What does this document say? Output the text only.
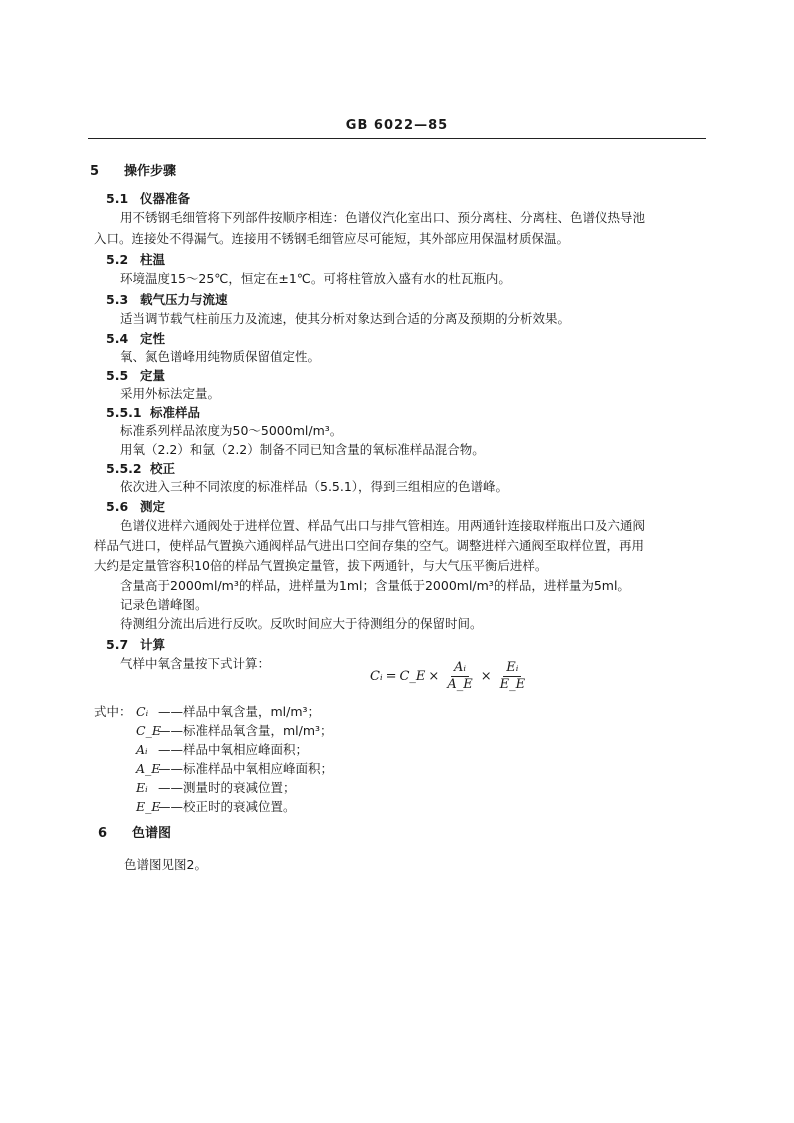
GB 6022—85
5 操作步骤
5.1 仪器准备
用不锈钢毛细管将下列部件按顺序相连：色谱仪汽化室出口、预分离柱、分离柱、色谱仪热导池
入口。连接处不得漏气。连接用不锈钢毛细管应尽可能短，其外部应用保温材质保温。
5.2 柱温
环境温度15～25℃，恒定在±1℃。可将柱管放入盛有水的杜瓦瓶内。
5.3 载气压力与流速
适当调节载气柱前压力及流速，使其分析对象达到合适的分离及预期的分析效果。
5.4 定性
氧、氮色谱峰用纯物质保留值定性。
5.5 定量
采用外标法定量。
5.5.1 标准样品
标准系列样品浓度为50～5000ml/m³。
用氧（2.2）和氩（2.2）制备不同已知含量的氧标准样品混合物。
5.5.2 校正
依次进入三种不同浓度的标准样品（5.5.1），得到三组相应的色谱峰。
5.6 测定
色谱仪进样六通阀处于进样位置、样品气出口与排气管相连。用两通针连接取样瓶出口及六通阀
样品气进口，使样品气置换六通阀样品气进出口空间存集的空气。调整进样六通阀至取样位置，再用
大约是定量管容积10倍的样品气置换定量管，拔下两通针，与大气压平衡后进样。
含量高于2000ml/m³的样品，进样量为1ml；含量低于2000ml/m³的样品，进样量为5ml。
记录色谱峰图。
待测组分流出后进行反吹。反吹时间应大于待测组分的保留时间。
5.7 计算
气样中氧含量按下式计算：
Cᵢ = C_E × $\frac{\text{Aᵢ}}{A\_E} \times \frac{\text{Eᵢ}}{E\_E}$
式中： Cᵢ ——样品中氧含量，ml/m³；
C_E——标准样品氧含量，ml/m³；
Aᵢ ——样品中氧相应峰面积；
A_E——标准样品中氧相应峰面积；
Eᵢ ——测量时的衰减位置；
E_E——校正时的衰减位置。
6 色谱图
色谱图见图2。
